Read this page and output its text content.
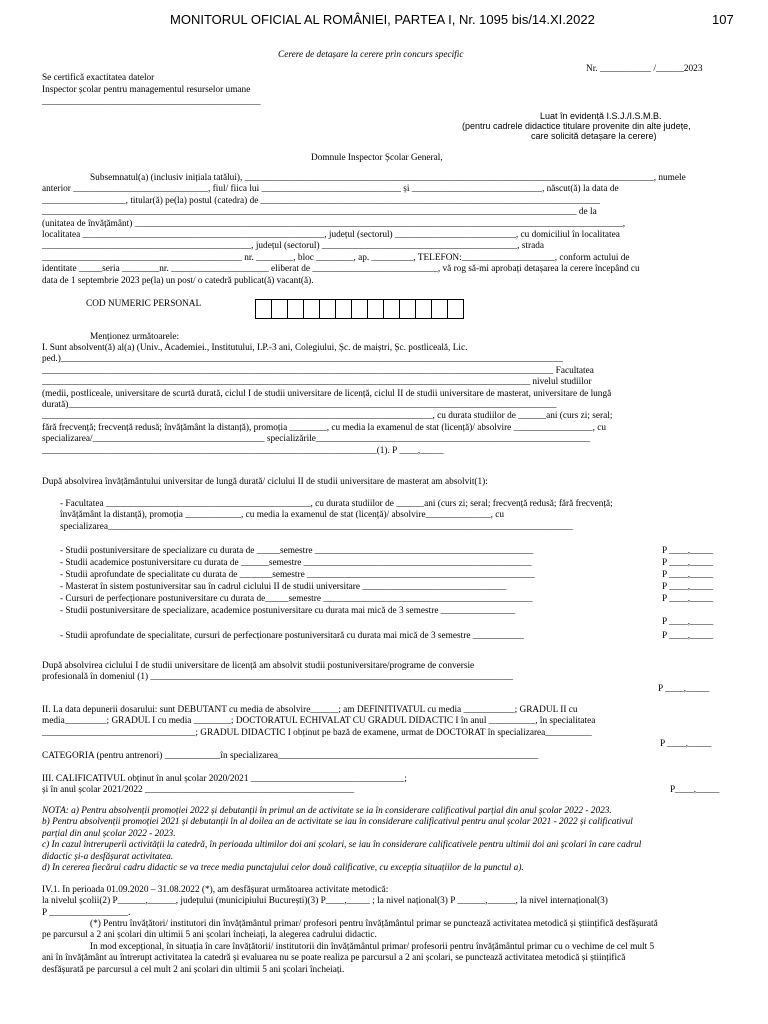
MONITORUL OFICIAL AL ROMÂNIEI, PARTEA I, Nr. 1095 bis/14.XI.2022	107
Cerere de detașare la cerere prin concurs specific
Nr. ___________ /______2023
Se certifică exactitatea datelor
Inspector școlar pentru managementul resurselor umane
_______________________________________________
Luat în evidență I.S.J./I.S.M.B.
(pentru cadrele didactice titulare provenite din alte județe,
care solicită detașare la cerere)
Domnule Inspector Școlar General,
Subsemnatul(a) (inclusiv inițiala tatălui), ________________________________________________________________________________________, numele
anterior _____________________________, fiul/ fiica lui ______________________________ și ____________________________, născut(ă) la data de
__________________, titular(ă) pe(la) postul (catedra) de _________________________________________________________________________
___________________________________________________________________________________________________________________ de la
(unitatea de învățământ) _________________________________________________________________________________________________________,
localitatea ____________________________________________________, județul (sectorul) __________________________, cu domiciliul în localitatea
_____________________________________________, județul (sectorul) __________________________________________, strada
___________________________________________ nr. ________, bloc ________, ap. _________, TELEFON:____________________, conform actului de
identitate _____seria ________nr. _____________________ eliberat de ___________________________, vă rog să-mi aprobați detașarea la cerere începând cu
data de 1 septembrie 2023 pe(la) un post/ o catedră publicat(ă) vacant(ă).
COD NUMERIC PERSONAL
Menționez următoarele:
I. Sunt absolvent(ă) al(a) (Univ., Academiei., Institutului, I.P.-3 ani, Colegiului, Șc. de maiștri, Șc. postliceală, Lic.
ped.)____________________________________________________________________________________________________________
______________________________________________________________________________________________________________ Facultatea
_________________________________________________________________________________________________________ nivelul studiilor
(medii, postliceale, universitare de scurtă durată, ciclul I de studii universitare de licență, ciclul II de studii universitare de masterat, universitare de lungă
durată)_________________________________________________________________________________________________________
____________________________________________________________________________________, cu durata studiilor de ______ani (curs zi; seral;
fără frecvență; frecvență redusă; învățământ la distanță), promoția ________, cu media la examenul de stat (licență)/ absolvire _________________, cu
specializarea/_____________________________________ specializările___________________________________________________________
________________________________________________________________________(1). P ____,_____
După absolvirea învățământului universitar de lungă durată/ ciclului II de studii universitare de masterat am absolvit(1):
- Facultatea ____________________________________________, cu durata studiilor de ______ani (curs zi; seral; frecvență redusă; fără frecvență;
învățământ la distanță), promoția ____________, cu media la examenul de stat (licență)/ absolvire______________, cu
specializarea____________________________________________________________________________________________________
- Studii postuniversitare de specializare cu durata de _____semestre _______________________________________________	P ____,_____
- Studii academice postuniversitare cu durata de ______semestre _________________________________________________	P ____,_____
- Studii aprofundate de specialitate cu durata de _______semestre _________________________________________________	P ____,_____
- Masterat în sistem postuniversitar sau în cadrul ciclului II de studii universitare _______________________________	P ____,_____
- Cursuri de perfecționare postuniversitare cu durata de_____semestre _____________________________________________	P ____,_____
- Studii postuniversitare de specializare, academice postuniversitare cu durata mai mică de 3 semestre ________________
P ____,_____
- Studii aprofundate de specialitate, cursuri de perfecționare postuniversitară cu durata mai mică de 3 semestre ___________	P ____,_____
După absolvirea ciclului I de studii universitare de licență am absolvit studii postuniversitare/programe de conversie
profesională în domeniul (1) ______________________________________________________________________________
P ____,_____
II. La data depunerii dosarului: sunt DEBUTANT cu media de absolvire______; am DEFINITIVATUL cu media ___________; GRADUL II cu
media_________; GRADUL I cu media ________; DOCTORATUL ECHIVALAT CU GRADUL DIDACTIC I în anul __________, în specialitatea
_________________________________; GRADUL DIDACTIC I obținut pe bază de examene, urmat de DOCTORAT în specializarea__________
CATEGORIA (pentru antrenori) ____________în specializarea________________________________________________________
P ____,_____
III. CALIFICATIVUL obținut în anul școlar 2020/2021 _________________________________;
și în anul școlar 2021/2022 _____________________________________________	P____,_____
NOTĂ: a) Pentru absolvenții promoției 2022 și debutanții în primul an de activitate se ia în considerare calificativul parțial din anul școlar 2022 - 2023.
b) Pentru absolvenții promoției 2021 și debutanții în al doilea an de activitate se iau în considerare calificativul pentru anul școlar 2021 - 2022 și calificativul
parțial din anul școlar 2022 - 2023.
c) În cazul întreruperii activității la catedră, în perioada ultimilor doi ani școlari, se iau în considerare calificativele pentru ultimii doi ani școlari în care cadrul
didactic și-a desfășurat activitatea.
d) În cererea fiecărui cadru didactic se va trece media punctajului celor două calificative, cu excepția situațiilor de la punctul a).
IV.1. În perioada 01.09.2020 – 31.08.2022 (*), am desfășurat următoarea activitate metodică:
la nivelul școlii(2) P______,______, județului (municipiului București)(3) P____,_____ ; la nivel național(3) P ______,______, la nivel internațional(3)
P _________________.
(*) Pentru învățători/ institutori din învățământul primar/ profesori pentru învățământul primar se punctează activitatea metodică și științifică desfășurată
pe parcursul a 2 ani școlari din ultimii 5 ani școlari încheiați, la alegerea cadrului didactic.
În mod excepțional, în situația în care învățătorii/ institutorii din învățământul primar/ profesorii pentru învățământul primar cu o vechime de cel mult 5
ani în învățământ au întrerupt activitatea la catedră și evaluarea nu se poate realiza pe parcursul a 2 ani școlari, se punctează activitatea metodică și științifică
desfășurată pe parcursul a cel mult 2 ani școlari din ultimii 5 ani școlari încheiați.
